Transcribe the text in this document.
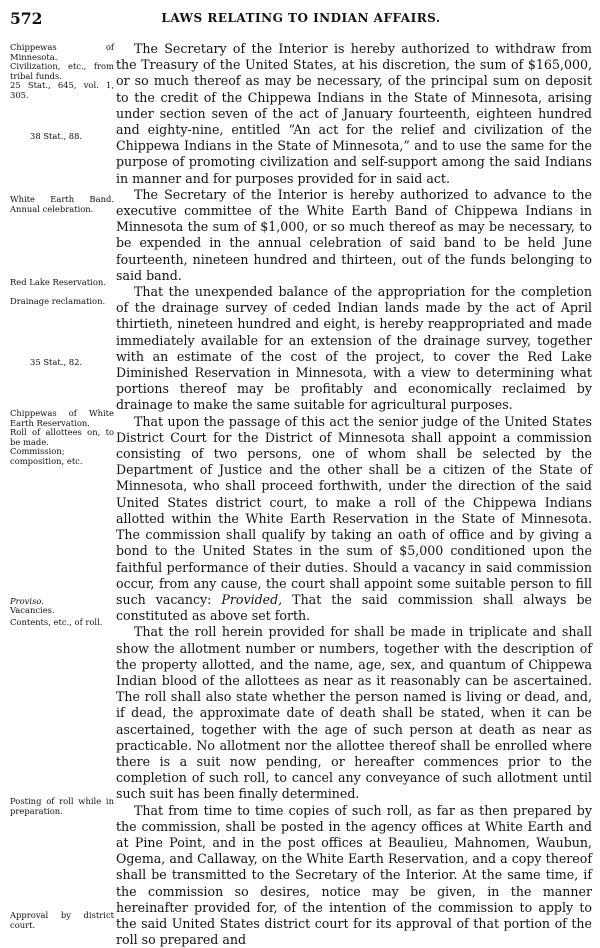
572	LAWS RELATING TO INDIAN AFFAIRS.
Chippewas of Minnesota.
Civilization, etc., from tribal funds.
25 Stat., 645, vol. 1, 305.
38 Stat., 88.
White Earth Band. Annual celebration.
Red Lake Reservation.
Drainage reclamation.
35 Stat., 82.
Chippewas of White Earth Reservation.
Roll of allottees on, to be made.
Commission; composition, etc.
Proviso.
Vacancies.
Contents, etc., of roll.
Posting of roll while in preparation.
Approval by district court.

The Secretary of the Interior is hereby authorized to withdraw from the Treasury of the United States, at his discretion, the sum of $165,000, or so much thereof as may be necessary, of the principal sum on deposit to the credit of the Chippewa Indians in the State of Minnesota, arising under section seven of the act of January fourteenth, eighteen hundred and eighty-nine, entitled “An act for the relief and civilization of the Chippewa Indians in the State of Minnesota,” and to use the same for the purpose of promoting civilization and self-support among the said Indians in manner and for purposes provided for in said act.

The Secretary of the Interior is hereby authorized to advance to the executive committee of the White Earth Band of Chippewa Indians in Minnesota the sum of $1,000, or so much thereof as may be necessary, to be expended in the annual celebration of said band to be held June fourteenth, nineteen hundred and thirteen, out of the funds belonging to said band.

That the unexpended balance of the appropriation for the completion of the drainage survey of ceded Indian lands made by the act of April thirtieth, nineteen hundred and eight, is hereby reappropriated and made immediately available for an extension of the drainage survey, together with an estimate of the cost of the project, to cover the Red Lake Diminished Reservation in Minnesota, with a view to determining what portions thereof may be profitably and economically reclaimed by drainage to make the same suitable for agricultural purposes.

That upon the passage of this act the senior judge of the United States District Court for the District of Minnesota shall appoint a commission consisting of two persons, one of whom shall be selected by the Department of Justice and the other shall be a citizen of the State of Minnesota, who shall proceed forthwith, under the direction of the said United States district court, to make a roll of the Chippewa Indians allotted within the White Earth Reservation in the State of Minnesota. The commission shall qualify by taking an oath of office and by giving a bond to the United States in the sum of $5,000 conditioned upon the faithful performance of their duties. Should a vacancy in said commission occur, from any cause, the court shall appoint some suitable person to fill such vacancy: Provided, That the said commission shall always be constituted as above set forth.

That the roll herein provided for shall be made in triplicate and shall show the allotment number or numbers, together with the description of the property allotted, and the name, age, sex, and quantum of Chippewa Indian blood of the allottees as near as it reasonably can be ascertained. The roll shall also state whether the person named is living or dead, and, if dead, the approximate date of death shall be stated, when it can be ascertained, together with the age of such person at death as near as practicable. No allotment nor the allottee thereof shall be enrolled where there is a suit now pending, or hereafter commences prior to the completion of such roll, to cancel any conveyance of such allotment until such suit has been finally determined.

That from time to time copies of such roll, as far as then prepared by the commission, shall be posted in the agency offices at White Earth and at Pine Point, and in the post offices at Beaulieu, Mahnomen, Waubun, Ogema, and Callaway, on the White Earth Reservation, and a copy thereof shall be transmitted to the Secretary of the Interior. At the same time, if the commission so desires, notice may be given, in the manner hereinafter provided for, of the intention of the commission to apply to the said United States district court for its approval of that portion of the roll so prepared and
